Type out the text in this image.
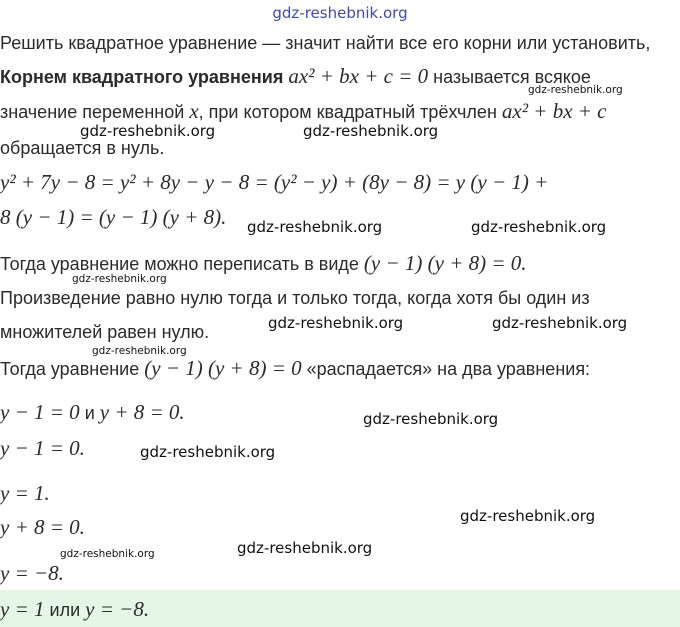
gdz-reshebnik.org
Решить квадратное уравнение — значит найти все его корни или установить,
Корнем квадратного уравнения ax² + bx + c = 0 называется всякое
значение переменной x, при котором квадратный трёхчлен ax² + bx + c
обращается в нуль.
y² + 7y − 8 = y² + 8y − y − 8 = (y² − y) + (8y − 8) = y (y − 1) +
8 (y − 1) = (y − 1) (y + 8).
Тогда уравнение можно переписать в виде (y − 1) (y + 8) = 0.
Произведение равно нулю тогда и только тогда, когда хотя бы один из
множителей равен нулю.
Тогда уравнение (y − 1) (y + 8) = 0 «распадается» на два уравнения:
y − 1 = 0 и y + 8 = 0.
y − 1 = 0.
y = 1.
y + 8 = 0.
y = −8.
y = 1 или y = −8.
gdz-reshebnik.org
gdz-reshebnik.org	gdz-reshebnik.org
gdz-reshebnik.org	gdz-reshebnik.org
gdz-reshebnik.org
gdz-reshebnik.org	gdz-reshebnik.org
gdz-reshebnik.org
gdz-reshebnik.org
gdz-reshebnik.org
gdz-reshebnik.org
gdz-reshebnik.org
gdz-reshebnik.org
